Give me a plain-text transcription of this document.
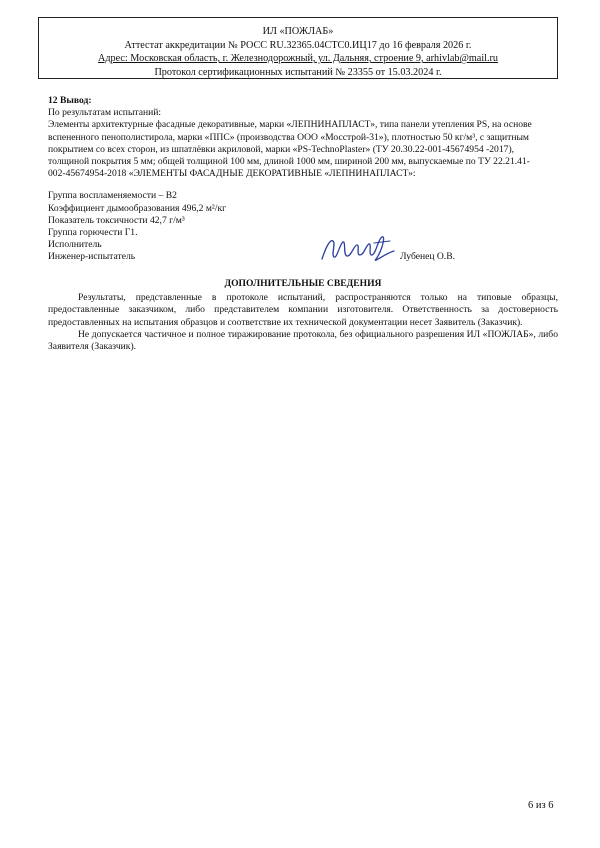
ИЛ «ПОЖЛАБ»
Аттестат аккредитации № РОСС RU.32365.04СТС0.ИЦ17 до 16 февраля 2026 г.
Адрес: Московская область, г. Железнодорожный, ул. Дальняя, строение 9, arhivlab@mail.ru
Протокол сертификационных испытаний № 23355 от 15.03.2024 г.
12 Вывод:
По результатам испытаний:
Элементы архитектурные фасадные декоративные, марки «ЛЕПНИНАПЛАСТ», типа панели утепления PS, на основе
вспененного пенополистирола, марки «ППС» (производства ООО «Мосстрой-31»), плотностью 50 кг/м³, с защитным
покрытием со всех сторон, из шпатлёвки акриловой, марки «PS-TechnoPlaster» (ТУ 20.30.22-001-45674954 -2017),
толщиной покрытия 5 мм; общей толщиной 100 мм, длиной 1000 мм, шириной 200 мм, выпускаемые по ТУ 22.21.41-
002-45674954-2018 «ЭЛЕМЕНТЫ ФАСАДНЫЕ ДЕКОРАТИВНЫЕ «ЛЕПНИНАПЛАСТ»:
Группа воспламеняемости – В2
Коэффициент дымообразования 496,2 м²/кг
Показатель токсичности 42,7 г/м³
Группа горючести Г1.
Исполнитель
Инженер-испытатель	Лубенец О.В.
ДОПОЛНИТЕЛЬНЫЕ СВЕДЕНИЯ

Результаты, представленные в протоколе испытаний, распространяются только на типовые образцы, предоставленные заказчиком, либо представителем компании изготовителя. Ответственность за достоверность предоставленных на испытания образцов и соответствие их технической документации несет Заявитель (Заказчик).

Не допускается частичное и полное тиражирование протокола, без официального разрешения ИЛ «ПОЖЛАБ», либо Заявителя (Заказчик).

6 из 6
